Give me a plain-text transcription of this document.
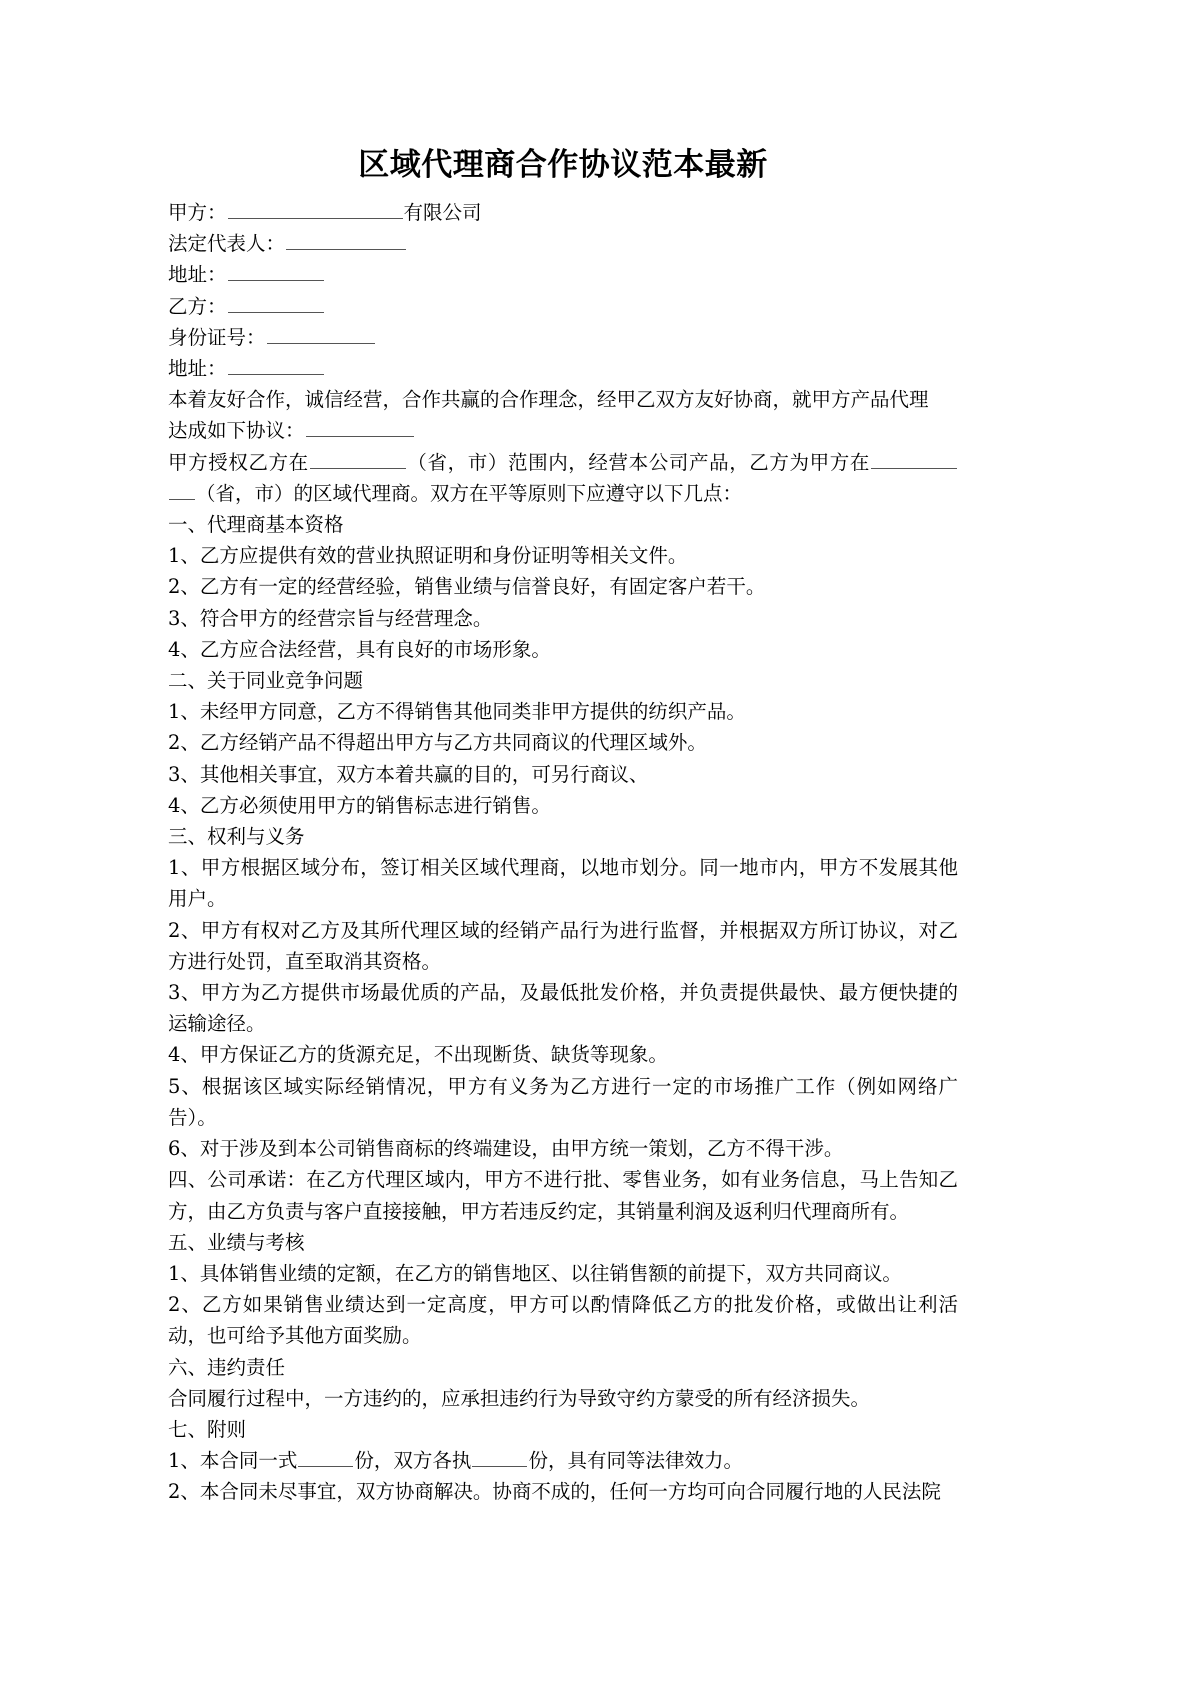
区域代理商合作协议范本最新

甲方：	有限公司

法定代表人：

地址：

乙方：

身份证号：

地址：

本着友好合作，诚信经营，合作共赢的合作理念，经甲乙双方友好协商，就甲方产品代理

达成如下协议：

甲方授权乙方在	（省，市）范围内，经营本公司产品，乙方为甲方在（省，市）的区域代理商。双方在平等原则下应遵守以下几点：

一、代理商基本资格

1、乙方应提供有效的营业执照证明和身份证明等相关文件。

2、乙方有一定的经营经验，销售业绩与信誉良好，有固定客户若干。

3、符合甲方的经营宗旨与经营理念。

4、乙方应合法经营，具有良好的市场形象。

二、关于同业竞争问题

1、未经甲方同意，乙方不得销售其他同类非甲方提供的纺织产品。

2、乙方经销产品不得超出甲方与乙方共同商议的代理区域外。

3、其他相关事宜，双方本着共赢的目的，可另行商议、

4、乙方必须使用甲方的销售标志进行销售。

三、权利与义务

1、甲方根据区域分布，签订相关区域代理商，以地市划分。同一地市内，甲方不发展其他用户。

2、甲方有权对乙方及其所代理区域的经销产品行为进行监督，并根据双方所订协议，对乙方进行处罚，直至取消其资格。

3、甲方为乙方提供市场最优质的产品，及最低批发价格，并负责提供最快、最方便快捷的运输途径。

4、甲方保证乙方的货源充足，不出现断货、缺货等现象。

5、根据该区域实际经销情况，甲方有义务为乙方进行一定的市场推广工作（例如网络广告）。

6、对于涉及到本公司销售商标的终端建设，由甲方统一策划，乙方不得干涉。

四、公司承诺：在乙方代理区域内，甲方不进行批、零售业务，如有业务信息，马上告知乙方，由乙方负责与客户直接接触，甲方若违反约定，其销量利润及返利归代理商所有。

五、业绩与考核

1、具体销售业绩的定额，在乙方的销售地区、以往销售额的前提下，双方共同商议。

2、乙方如果销售业绩达到一定高度，甲方可以酌情降低乙方的批发价格，或做出让利活动，也可给予其他方面奖励。

六、违约责任

合同履行过程中，一方违约的，应承担违约行为导致守约方蒙受的所有经济损失。

七、附则

1、本合同一式	份，双方各执	份，具有同等法律效力。

2、本合同未尽事宜，双方协商解决。协商不成的，任何一方均可向合同履行地的人民法院
